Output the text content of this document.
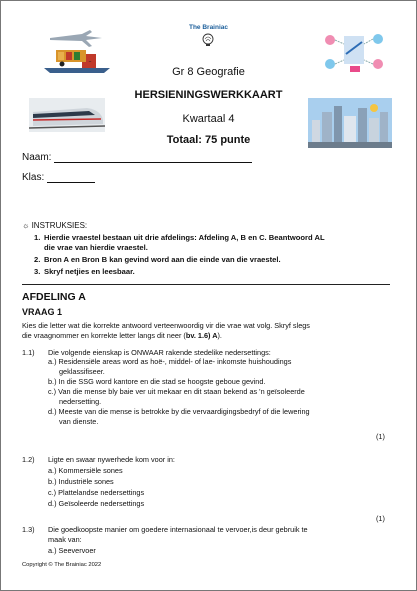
The Brainiac
Gr 8 Geografie
HERSIENINGSWERKKAART
Kwartaal 4
Totaal: 75 punte
Naam:
Klas:
☼ INSTRUKSIES:
1. Hierdie vraestel bestaan uit drie afdelings: Afdeling A, B en C. Beantwoord AL
die vrae van hierdie vraestel.
2. Bron A en Bron B kan gevind word aan die einde van die vraestel.
3. Skryf netjies en leesbaar.
AFDELING A
VRAAG 1
Kies die letter wat die korrekte antwoord verteenwoordig vir die vrae wat volg. Skryf slegs
die vraagnommer en korrekte letter langs dit neer (bv. 1.6) A).
1.1) Die volgende eienskap is ONWAAR rakende stedelike nedersettings:
a.) Residensiële areas word as hoë-, middel- of lae- inkomste huishoudings
geklassifiseer.
b.) In die SSG word kantore en die stad se hoogste geboue gevind.
c.) Van die mense bly baie ver uit mekaar en dit staan bekend as 'n geïsoleerde
nedersetting.
d.) Meeste van die mense is betrokke by die vervaardigingsbedryf of die lewering
van dienste.
(1)
1.2) Ligte en swaar nywerhede kom voor in:
a.) Kommersiële sones
b.) Industriële sones
c.) Plattelandse nedersettings
d.) Geïsoleerde nedersettings
(1)
1.3) Die goedkoopste manier om goedere internasionaal te vervoer,is deur gebruik te
maak van:
a.) Seevervoer
Copyright © The Brainiac 2022
